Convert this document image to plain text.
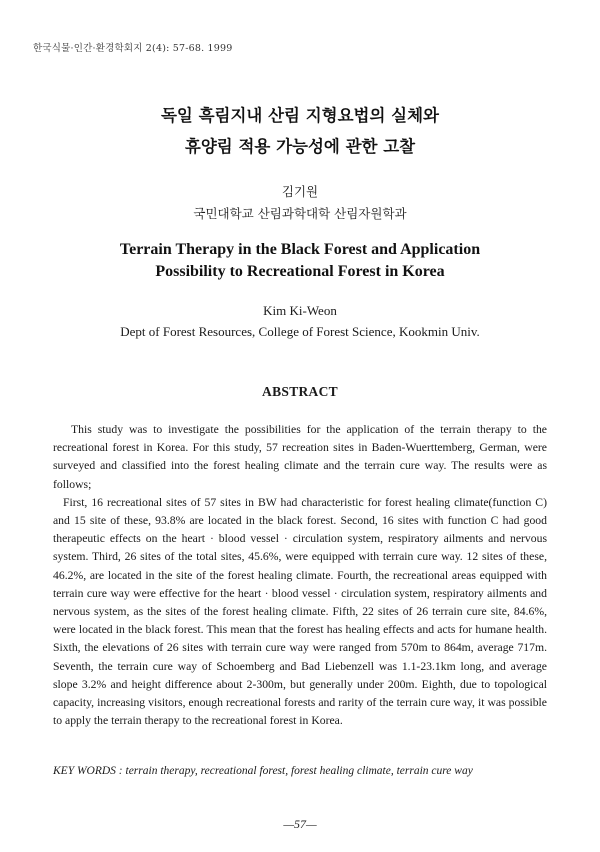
한국식물·인간·환경학회지 2(4): 57-68. 1999
독일 흑림지내 산림 지형요법의 실체와
휴양림 적용 가능성에 관한 고찰
김기원
국민대학교 산림과학대학 산림자원학과
Terrain Therapy in the Black Forest and Application
Possibility to Recreational Forest in Korea
Kim Ki-Weon
Dept of Forest Resources, College of Forest Science, Kookmin Univ.
ABSTRACT

This study was to investigate the possibilities for the application of the terrain therapy to the recreational forest in Korea. For this study, 57 recreation sites in Baden-Wuerttemberg, German, were surveyed and classified into the forest healing climate and the terrain cure way. The results were as follows;

First, 16 recreational sites of 57 sites in BW had characteristic for forest healing climate(function C) and 15 site of these, 93.8% are located in the black forest. Second, 16 sites with function C had good therapeutic effects on the heart · blood vessel · circulation system, respiratory ailments and nervous system. Third, 26 sites of the total sites, 45.6%, were equipped with terrain cure way. 12 sites of these, 46.2%, are located in the site of the forest healing climate. Fourth, the recreational areas equipped with terrain cure way were effective for the heart · blood vessel · circulation system, respiratory ailments and nervous system, as the sites of the forest healing climate. Fifth, 22 sites of 26 terrain cure site, 84.6%, were located in the black forest. This mean that the forest has healing effects and acts for humane health. Sixth, the elevations of 26 sites with terrain cure way were ranged from 570m to 864m, average 717m. Seventh, the terrain cure way of Schoemberg and Bad Liebenzell was 1.1-23.1km long, and average slope 3.2% and height difference about 2-300m, but generally under 200m. Eighth, due to topological capacity, increasing visitors, enough recreational forests and rarity of the terrain cure way, it was possible to apply the terrain therapy to the recreational forest in Korea.

KEY WORDS : terrain therapy, recreational forest, forest healing climate, terrain cure way
—57—
